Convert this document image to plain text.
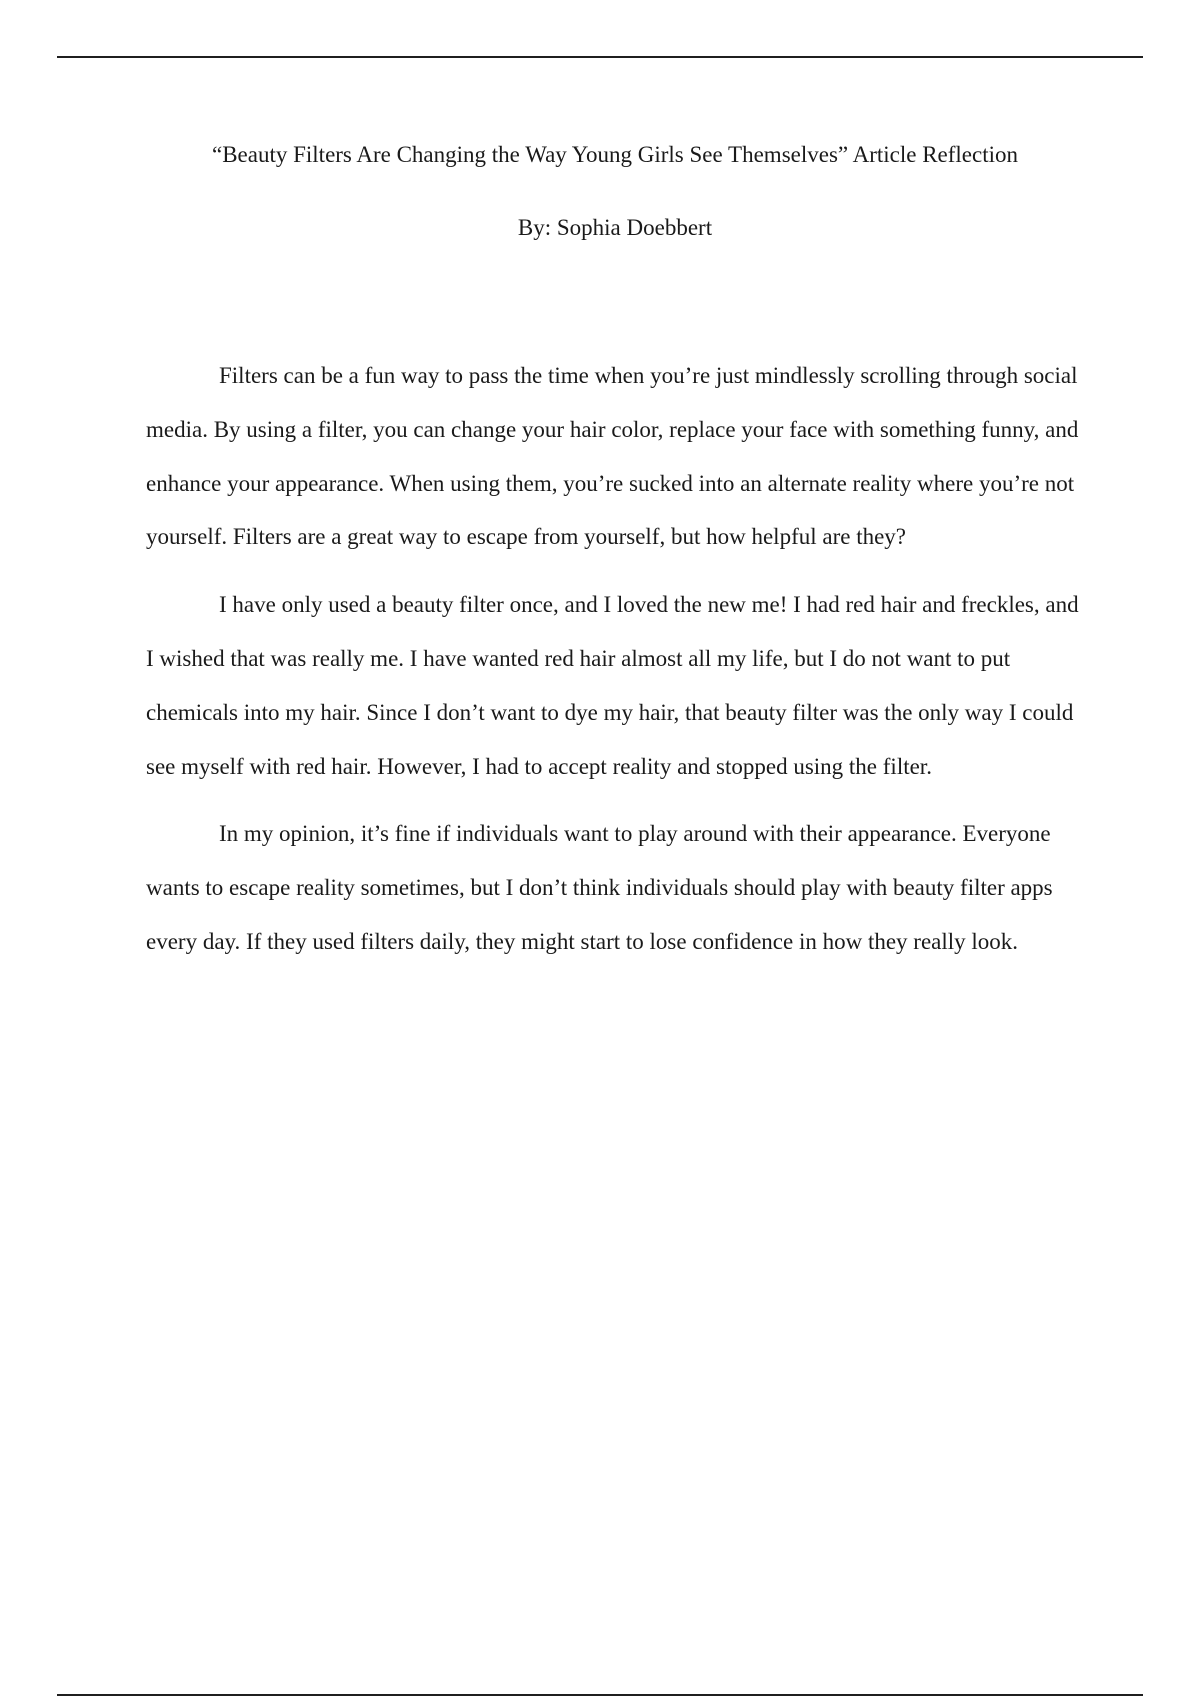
“Beauty Filters Are Changing the Way Young Girls See Themselves” Article Reflection
By: Sophia Doebbert

Filters can be a fun way to pass the time when you’re just mindlessly scrolling through social media. By using a filter, you can change your hair color, replace your face with something funny, and enhance your appearance. When using them, you’re sucked into an alternate reality where you’re not yourself. Filters are a great way to escape from yourself, but how helpful are they?

I have only used a beauty filter once, and I loved the new me! I had red hair and freckles, and I wished that was really me. I have wanted red hair almost all my life, but I do not want to put chemicals into my hair. Since I don’t want to dye my hair, that beauty filter was the only way I could see myself with red hair. However, I had to accept reality and stopped using the filter.

In my opinion, it’s fine if individuals want to play around with their appearance. Everyone wants to escape reality sometimes, but I don’t think individuals should play with beauty filter apps every day. If they used filters daily, they might start to lose confidence in how they really look.
